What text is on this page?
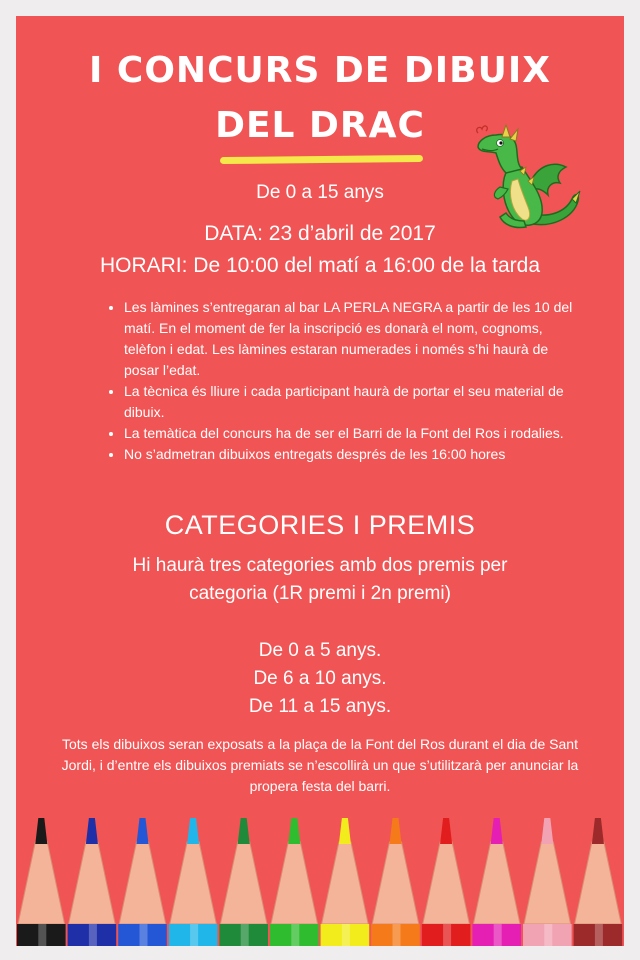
I CONCURS DE DIBUIX
DEL DRAC
De 0 a 15 anys
DATA: 23 d’abril de 2017
HORARI: De 10:00 del matí a 16:00 de la tarda
• Les làmines s’entregaran al bar LA PERLA NEGRA a partir de les 10 del matí. En el moment de fer la inscripció es donarà el nom, cognoms, telèfon i edat. Les làmines estaran numerades i només s’hi haurà de posar l’edat.
• La tècnica és lliure i cada participant haurà de portar el seu material de dibuix.
• La temàtica del concurs ha de ser el Barri de la Font del Ros i rodalies.
• No s’admetran dibuixos entregats després de les 16:00 hores
CATEGORIES I PREMIS
Hi haurà tres categories amb dos premis per categoria (1R premi i 2n premi)
De 0 a 5 anys.
De 6 a 10 anys.
De 11 a 15 anys.
Tots els dibuixos seran exposats a la plaça de la Font del Ros durant el dia de Sant Jordi, i d’entre els dibuixos premiats se n’escollirà un que s’utilitzarà per anunciar la propera festa del barri.
